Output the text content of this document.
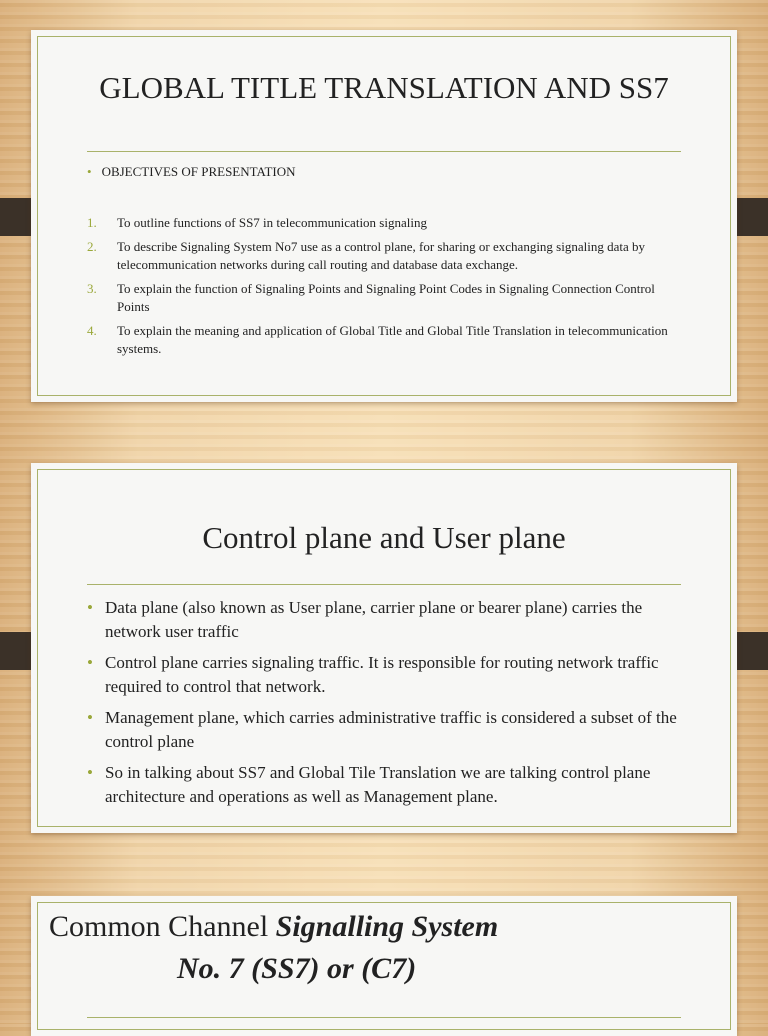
GLOBAL TITLE TRANSLATION AND SS7
• OBJECTIVES OF PRESENTATION
1.	To outline functions of SS7 in telecommunication signaling
2.	To describe Signaling System No7 use as a control plane, for sharing or exchanging signaling data by telecommunication networks during call routing and database data exchange.
3.	To explain the function of Signaling Points and Signaling Point Codes in Signaling Connection Control Points
4.	To explain the meaning and application of Global Title and Global Title Translation in telecommunication systems.
Control plane and User plane
• Data plane (also known as User plane, carrier plane or bearer plane) carries the network user traffic
• Control plane carries signaling traffic. It is responsible for routing network traffic required to control that network.
• Management plane, which carries administrative traffic is considered a subset of the control plane
• So in talking about SS7 and Global Tile Translation we are talking control plane architecture and operations as well as Management plane.
Common Channel Signalling System
No. 7 (SS7) or (C7)
